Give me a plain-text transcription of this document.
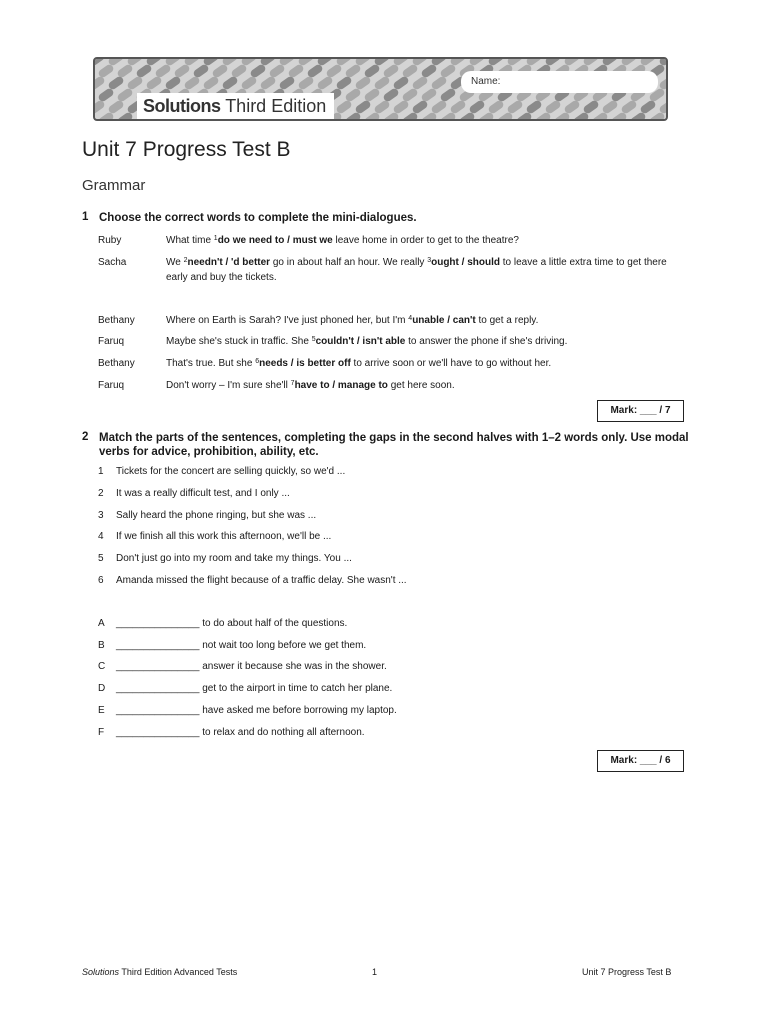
Name:
Solutions Third Edition
Unit 7 Progress Test B
Grammar
1 Choose the correct words to complete the mini-dialogues.
Ruby	What time $^1$do we need to / must we leave home in order to get to the theatre?
Sacha	We $^2$needn't / 'd better go in about half an hour. We really $^3$ought / should to leave a little extra time to get there early and buy the tickets.
Bethany	Where on Earth is Sarah? I've just phoned her, but I'm $^4$unable / can't to get a reply.
Faruq	Maybe she's stuck in traffic. She $^5$couldn't / isn't able to answer the phone if she's driving.
Bethany	That's true. But she $^6$needs / is better off to arrive soon or we'll have to go without her.
Faruq	Don't worry – I'm sure she'll $^7$have to / manage to get here soon.
Mark: ___ / 7
2 Match the parts of the sentences, completing the gaps in the second halves with 1–2 words only. Use modal verbs for advice, prohibition, ability, etc.
1 Tickets for the concert are selling quickly, so we'd ...
2 It was a really difficult test, and I only ...
3 Sally heard the phone ringing, but she was ...
4 If we finish all this work this afternoon, we'll be ...
5 Don't just go into my room and take my things. You ...
6 Amanda missed the flight because of a traffic delay. She wasn't ...
A _______________ to do about half of the questions.
B _______________ not wait too long before we get them.
C _______________ answer it because she was in the shower.
D _______________ get to the airport in time to catch her plane.
E _______________ have asked me before borrowing my laptop.
F _______________ to relax and do nothing all afternoon.
Mark: ___ / 6
Solutions Third Edition Advanced Tests	1	Unit 7 Progress Test B
